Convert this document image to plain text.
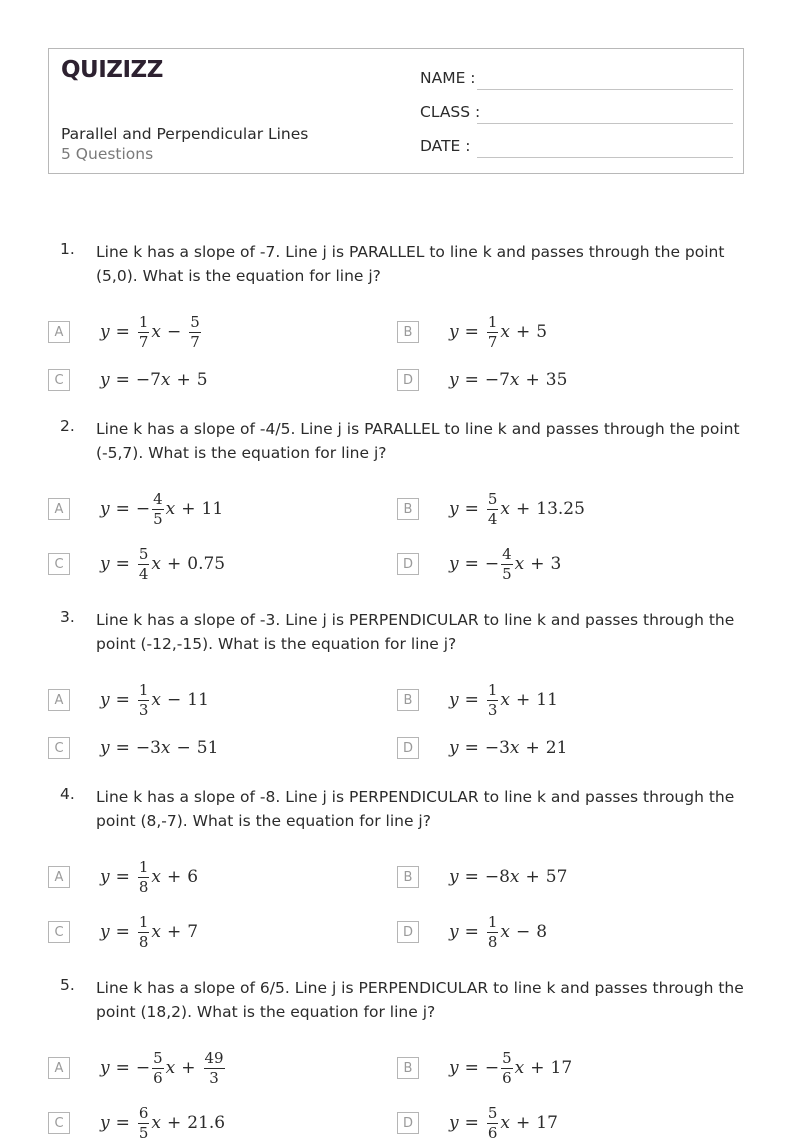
QUIZIZZ
Parallel and Perpendicular Lines
5 Questions
NAME :
CLASS :
DATE :
1. Line k has a slope of -7. Line j is PARALLEL to line k and passes through the point (5,0). What is the equation for line j?
A	$y = \frac{1}{7}$ $x - \frac{5}{7}$	B	$y = \frac{1}{7}$ x + 5
C	y = −7 x + 5	D	y = −7 x + 35
2. Line k has a slope of -4/5. Line j is PARALLEL to line k and passes through the point (-5,7). What is the equation for line j?
A	y = − $\frac{4}{5}$ x + 11	B	$y = \frac{5}{4}$ x + 13.25
C	$y = \frac{5}{4}$ x + 0.75	D	y = − $\frac{4}{5}$ x + 3
3. Line k has a slope of -3. Line j is PERPENDICULAR to line k and passes through the point (-12,-15). What is the equation for line j?
A	$y = \frac{1}{3}$ x − 11	B	$y = \frac{1}{3}$ x + 11
C	y = −3 x − 51	D	y = −3 x + 21
4. Line k has a slope of -8. Line j is PERPENDICULAR to line k and passes through the point (8,-7). What is the equation for line j?
A	$y = \frac{1}{8}$ x + 6	B	y = −8 x + 57
C	$y = \frac{1}{8}$ x + 7	D	$y = \frac{1}{8}$ x − 8
5. Line k has a slope of 6/5. Line j is PERPENDICULAR to line k and passes through the point (18,2). What is the equation for line j?
A	y = − $\frac{5}{6}$ $x + \frac{49}{3}$	B	y = − $\frac{5}{6}$ x + 17
C	$y = \frac{6}{5}$ x + 21.6	D	$y = \frac{5}{6}$ x + 17
